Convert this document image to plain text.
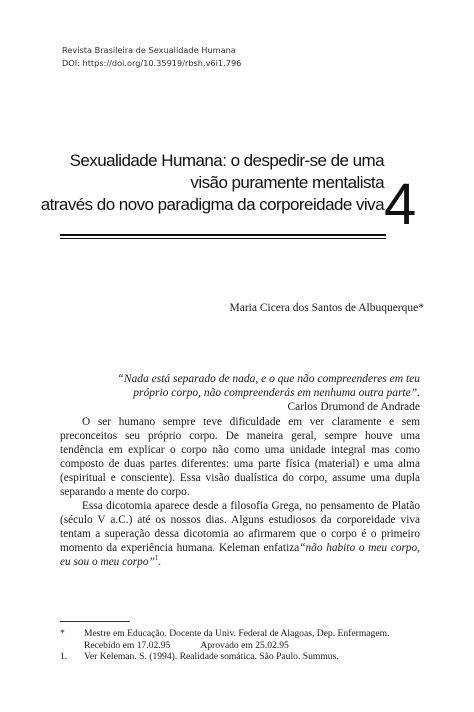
Revista Brasileira de Sexualidade Humana
DOI: https://doi.org/10.35919/rbsh.v6i1.796
Sexualidade Humana: o despedir-se de uma
visão puramente mentalista
através do novo paradigma da corporeidade viva 4
Maria Cicera dos Santos de Albuquerque*
“Nada está separado de nada, e o que não compreenderes em teu
próprio corpo, não compreenderás em nenhuma outra parte”.
Carlos Drumond de Andrade

O ser humano sempre teve dificuldade em ver claramente e sem preconceitos seu próprio corpo. De maneira geral, sempre houve uma tendência em explicar o corpo não como uma unidade integral mas como composto de duas partes diferentes: uma parte física (material) e uma alma (espiritual e consciente). Essa visão dualística do corpo, assume uma dupla separando a mente do corpo.

Essa dicotomia aparece desde a filosofia Grega, no pensamento de Platão (século V a.C.) até os nossos dias. Alguns estudiosos da corporeidade viva tentam a superação dessa dicotomia ao afirmarem que o corpo é o primeiro momento da experiência humana. Keleman enfatiza“não habito o meu corpo, eu sou o meu corpo”$^1$.

*	Mestre em Educação. Docente da Univ. Federal de Alagoas, Dep. Enfermagem.
Recebido em 17.02.95	Aprovado em 25.02.95
1.	Ver Keleman. S. (1994). Realidade somática. São Paulo. Summus.
